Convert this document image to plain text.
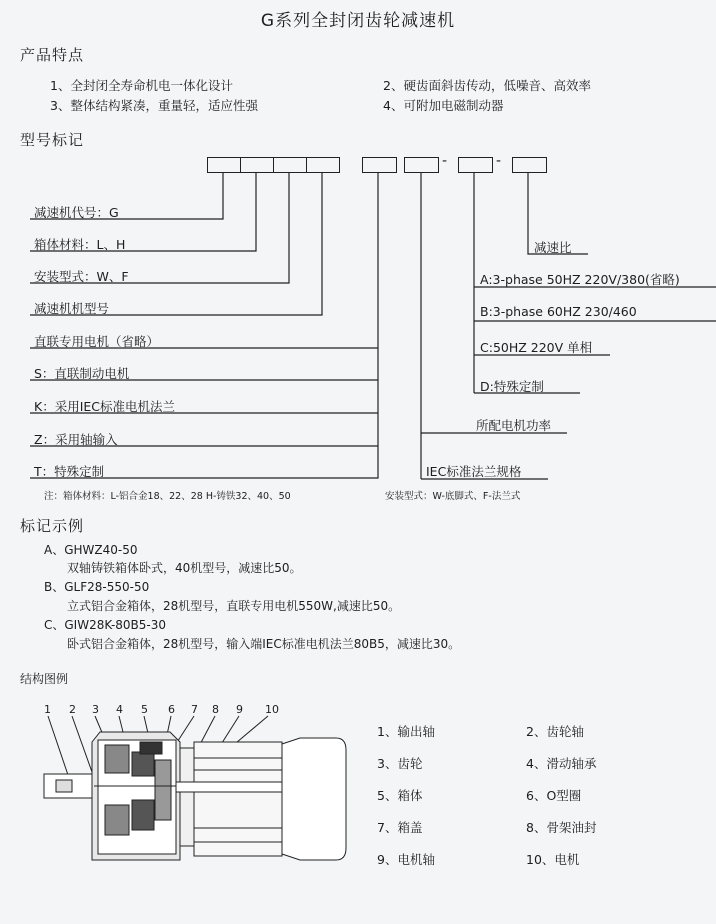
G系列全封闭齿轮减速机
产品特点
1、全封闭全寿命机电一体化设计	2、硬齿面斜齿传动，低噪音、高效率
3、整体结构紧凑，重量轻，适应性强	4、可附加电磁制动器
型号标记
-	-
减速机代号：G
箱体材料：L、H
安装型式：W、F
减速机机型号
直联专用电机（省略）
S：直联制动电机
K：采用IEC标准电机法兰
Z：采用轴输入
T：特殊定制
减速比
A:3-phase 50HZ 220V/380(省略)
B:3-phase 60HZ 230/460
C:50HZ 220V 单相
D:特殊定制
所配电机功率
IEC标准法兰规格
注：箱体材料：L-铝合金18、22、28 H-铸铁32、40、50	安装型式：W-底脚式、F-法兰式
标记示例
A、GHWZ40-50
双轴铸铁箱体卧式，40机型号，减速比50。
B、GLF28-550-50
立式铝合金箱体，28机型号，直联专用电机550W,减速比50。
C、GIW28K-80B5-30
卧式铝合金箱体，28机型号，输入端IEC标准电机法兰80B5，减速比30。
结构图例
1 2 3 4 5 6 7 8 9 10
1、输出轴	2、齿轮轴
3、齿轮	4、滑动轴承
5、箱体	6、O型圈
7、箱盖	8、骨架油封
9、电机轴	10、电机
